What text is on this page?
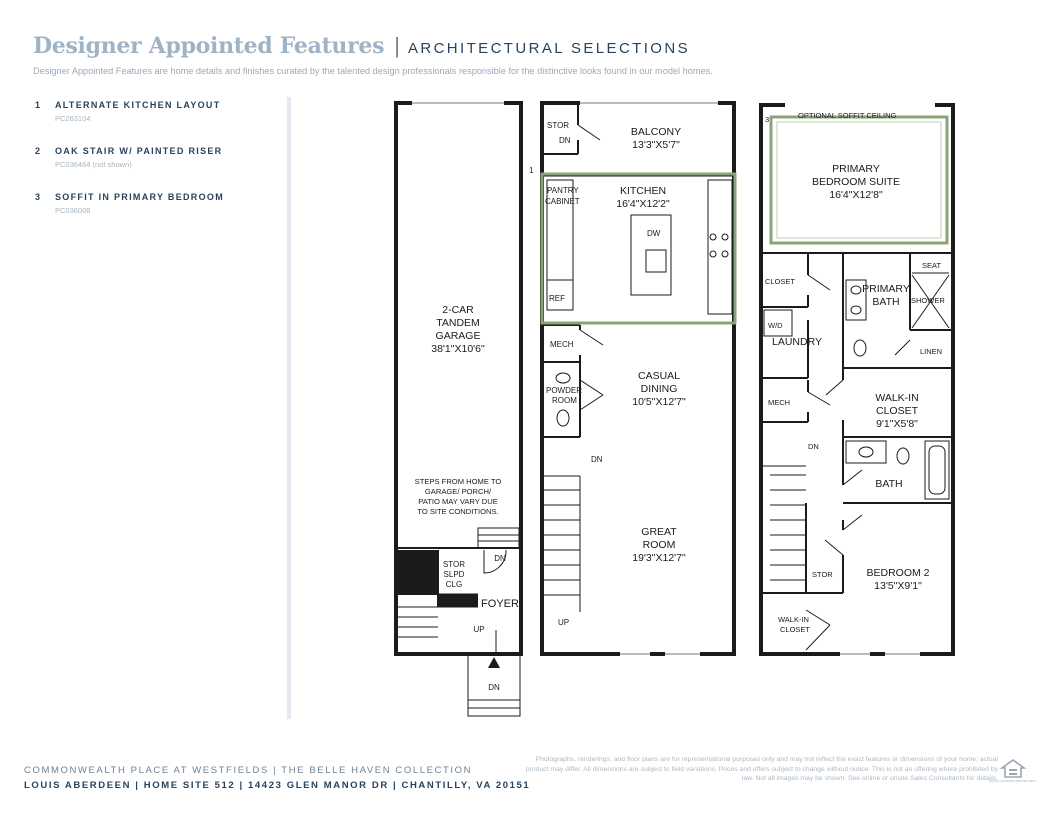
Designer Appointed Features | ARCHITECTURAL SELECTIONS
Designer Appointed Features are home details and finishes curated by the talented design professionals responsible for the distinctive looks found in our model homes.
1 ALTERNATE KITCHEN LAYOUT
PC263104
2 OAK STAIR W/ PAINTED RISER
PC036464 (not shown)
3 SOFFIT IN PRIMARY BEDROOM
PC036008
2-CAR
TANDEM
GARAGE
38'1"X10'6"
STEPS FROM HOME TO
GARAGE/ PORCH/
PATIO MAY VARY DUE
TO SITE CONDITIONS.
STOR
SLPD
CLG
DN
UP
DN
FOYER
STOR
DN
PANTRY
CABINET
DW
REF
MECH
POWDER
ROOM
DN
UP
1
BALCONY
13'3"X5'7"
KITCHEN
16'4"X12'2"
CASUAL
DINING
10'5"X12'7"
GREAT
ROOM
19'3"X12'7"
3	OPTIONAL SOFFIT CEILING
CLOSET
SEAT
SHOWER
W/D
LINEN
MECH
DN
STOR
WALK-IN
CLOSET
PRIMARY
BEDROOM SUITE
16'4"X12'8"
PRIMARY
BATH
LAUNDRY
WALK-IN
CLOSET
9'1"X5'8"
BATH
BEDROOM 2
13'5"X9'1"
COMMONWEALTH PLACE AT WESTFIELDS | THE BELLE HAVEN COLLECTION
LOUIS ABERDEEN | HOME SITE 512 | 14423 GLEN MANOR DR | CHANTILLY, VA 20151
Photographs, renderings, and floor plans are for representational purposes only and may not reflect the exact features or dimensions of your home; actual product may differ. All dimensions are subject to field variations. Prices and offers subject to change without notice. This is not an offering where prohibited by law. Not all images may be shown. See online or onsite Sales Consultants for details.
EQUAL HOUSING OPPORTUNITY
